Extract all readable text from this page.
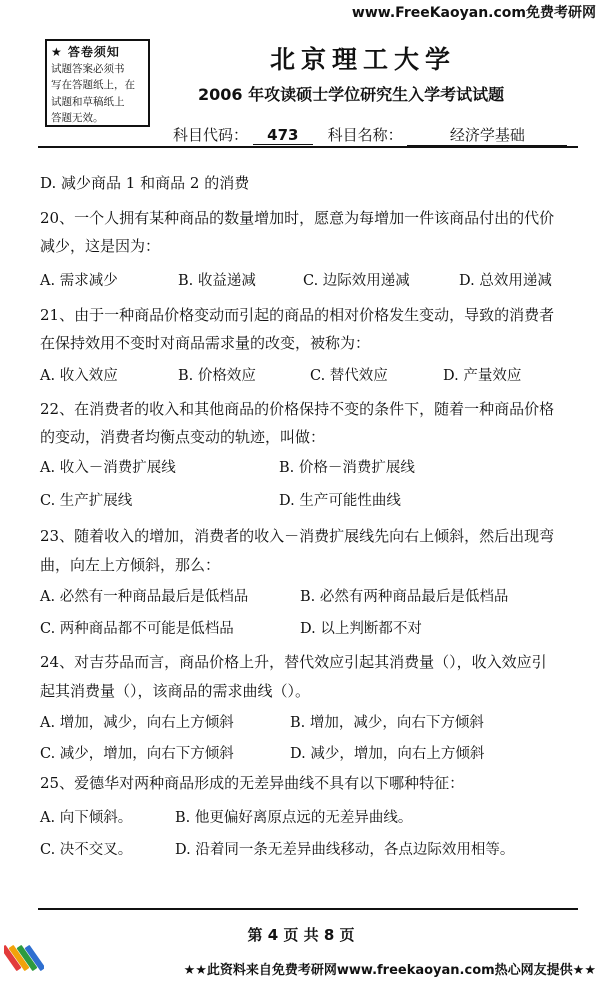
www.FreeKaoyan.com免费考研网
★ 答卷须知
试题答案必须书
写在答题纸上，在
试题和草稿纸上
答题无效。
北京理工大学
2006 年攻读硕士学位研究生入学考试试题
科目代码： 473 科目名称：	经济学基础
D. 减少商品 1 和商品 2 的消费
20、一个人拥有某种商品的数量增加时，愿意为每增加一件该商品付出的代价
减少，这是因为：
A. 需求减少	B. 收益递减	C. 边际效用递减	D. 总效用递减
21、由于一种商品价格变动而引起的商品的相对价格发生变动，导致的消费者
在保持效用不变时对商品需求量的改变，被称为：
A. 收入效应	B. 价格效应	C. 替代效应	D. 产量效应
22、在消费者的收入和其他商品的价格保持不变的条件下，随着一种商品价格
的变动，消费者均衡点变动的轨迹，叫做：
A. 收入－消费扩展线	B. 价格－消费扩展线
C. 生产扩展线	D. 生产可能性曲线
23、随着收入的增加，消费者的收入－消费扩展线先向右上倾斜，然后出现弯
曲，向左上方倾斜，那么：
A. 必然有一种商品最后是低档品	B. 必然有两种商品最后是低档品
C. 两种商品都不可能是低档品	D. 以上判断都不对
24、对吉芬品而言，商品价格上升，替代效应引起其消费量（），收入效应引
起其消费量（），该商品的需求曲线（）。
A. 增加，减少，向右上方倾斜	B. 增加，减少，向右下方倾斜
C. 减少，增加，向右下方倾斜	D. 减少，增加，向右上方倾斜
25、爱德华对两种商品形成的无差异曲线不具有以下哪种特征：
A. 向下倾斜。	B. 他更偏好离原点远的无差异曲线。
C. 决不交叉。	D. 沿着同一条无差异曲线移动，各点边际效用相等。
第 4 页 共 8 页
★★此资料来自免费考研网www.freekaoyan.com热心网友提供★★
